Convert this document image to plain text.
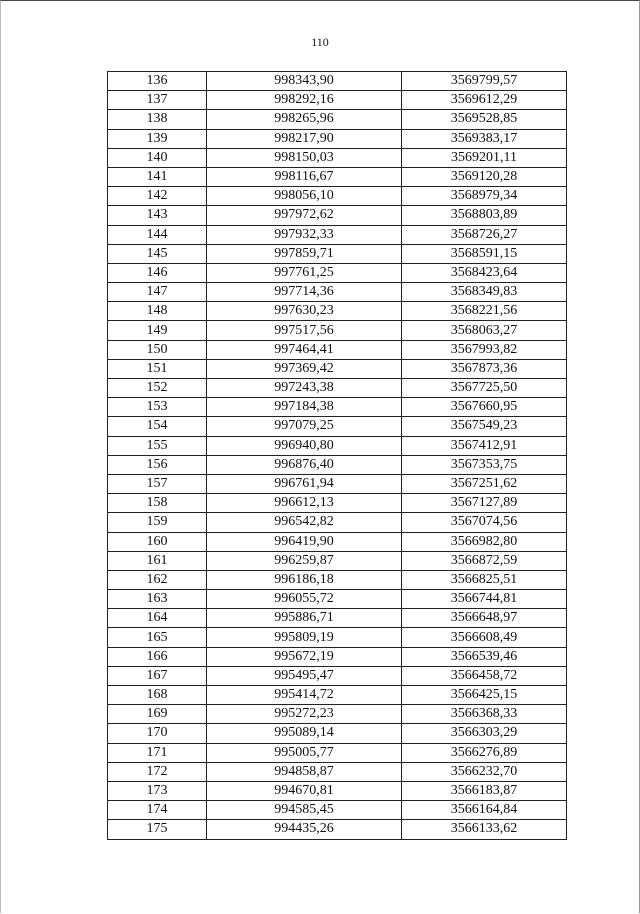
110
136	998343,90	3569799,57
137	998292,16	3569612,29
138	998265,96	3569528,85
139	998217,90	3569383,17
140	998150,03	3569201,11
141	998116,67	3569120,28
142	998056,10	3568979,34
143	997972,62	3568803,89
144	997932,33	3568726,27
145	997859,71	3568591,15
146	997761,25	3568423,64
147	997714,36	3568349,83
148	997630,23	3568221,56
149	997517,56	3568063,27
150	997464,41	3567993,82
151	997369,42	3567873,36
152	997243,38	3567725,50
153	997184,38	3567660,95
154	997079,25	3567549,23
155	996940,80	3567412,91
156	996876,40	3567353,75
157	996761,94	3567251,62
158	996612,13	3567127,89
159	996542,82	3567074,56
160	996419,90	3566982,80
161	996259,87	3566872,59
162	996186,18	3566825,51
163	996055,72	3566744,81
164	995886,71	3566648,97
165	995809,19	3566608,49
166	995672,19	3566539,46
167	995495,47	3566458,72
168	995414,72	3566425,15
169	995272,23	3566368,33
170	995089,14	3566303,29
171	995005,77	3566276,89
172	994858,87	3566232,70
173	994670,81	3566183,87
174	994585,45	3566164,84
175	994435,26	3566133,62
